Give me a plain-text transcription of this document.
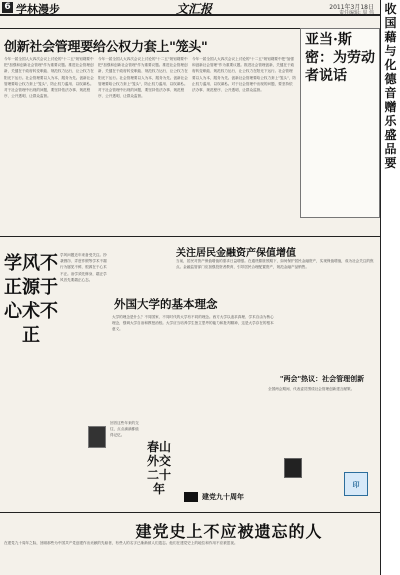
6 学林漫步	文汇报	2011年3月18日
责任编辑: 周 伟 收国藉与化德音赠乐盛品要
创新社会管理要给公权力套上"笼头"
今年一届全国人大四次会议上讨论的"十二五"规划纲要中把"加强和创新社会管理"作为重要议题。推进社会管理创新，关键在于政府转变职能、规范权力运行，让公权力在阳光下运行。社会管理要以人为本，服务为先。创新社会管理要给公权力套上"笼头"，防止权力滥用、以权谋私。对于社会管理中出现的问题，要坚持依法办事、规范程序、公开透明，让群众监督。
今年一届全国人大四次会议上讨论的"十二五"规划纲要中把"加强和创新社会管理"作为重要议题。推进社会管理创新，关键在于政府转变职能、规范权力运行，让公权力在阳光下运行。社会管理要以人为本，服务为先。创新社会管理要给公权力套上"笼头"，防止权力滥用、以权谋私。对于社会管理中出现的问题，要坚持依法办事、规范程序、公开透明，让群众监督。
今年一届全国人大四次会议上讨论的"十二五"规划纲要中把"加强和创新社会管理"作为重要议题。推进社会管理创新，关键在于政府转变职能、规范权力运行，让公权力在阳光下运行。社会管理要以人为本，服务为先。创新社会管理要给公权力套上"笼头"，防止权力滥用、以权谋私。对于社会管理中出现的问题，要坚持依法办事、规范程序、公开透明，让群众监督。
亚当·斯密：为劳动者说话
关注居民金融资产保值增值
当前，居民对资产保值增值的需求日益增强。在通货膨胀预期下，如何保护居民金融资产，实现保值增值，成为社会关注的焦点。金融监管部门应加强投资者教育，引导居民合理配置资产，规范金融产品销售。
外国大学的基本理念
大学的理念是什么？不同国家、不同时代的大学有不同的理念。西方大学以追求真理、学术自由为核心理念，强调大学自治和教授治校。大学应当培养学生独立思考的能力和批判精神，这是大学存在的根本意义。
学风不正源于心术不正
学风问题近年来备受关注。抄袭剽窃、弄虚作假等学术不端行为屡见不鲜，根源在于心术不正。治学须先修身，端正学风首先要端正心态。
春山外交二十年
回首这些年来的交往，点点滴滴都值得记忆。
"两会"热议：社会管理创新
全国两会期间，代表委员围绕社会管理创新建言献策。
建党史上不应被遗忘的人
在建党九十周年之际，回顾那些为中国共产党创建作出贡献的先驱者，有些人的名字已渐渐被人们遗忘。他们在建党史上的地位和作用不应被忽视。
建党九十周年
印
